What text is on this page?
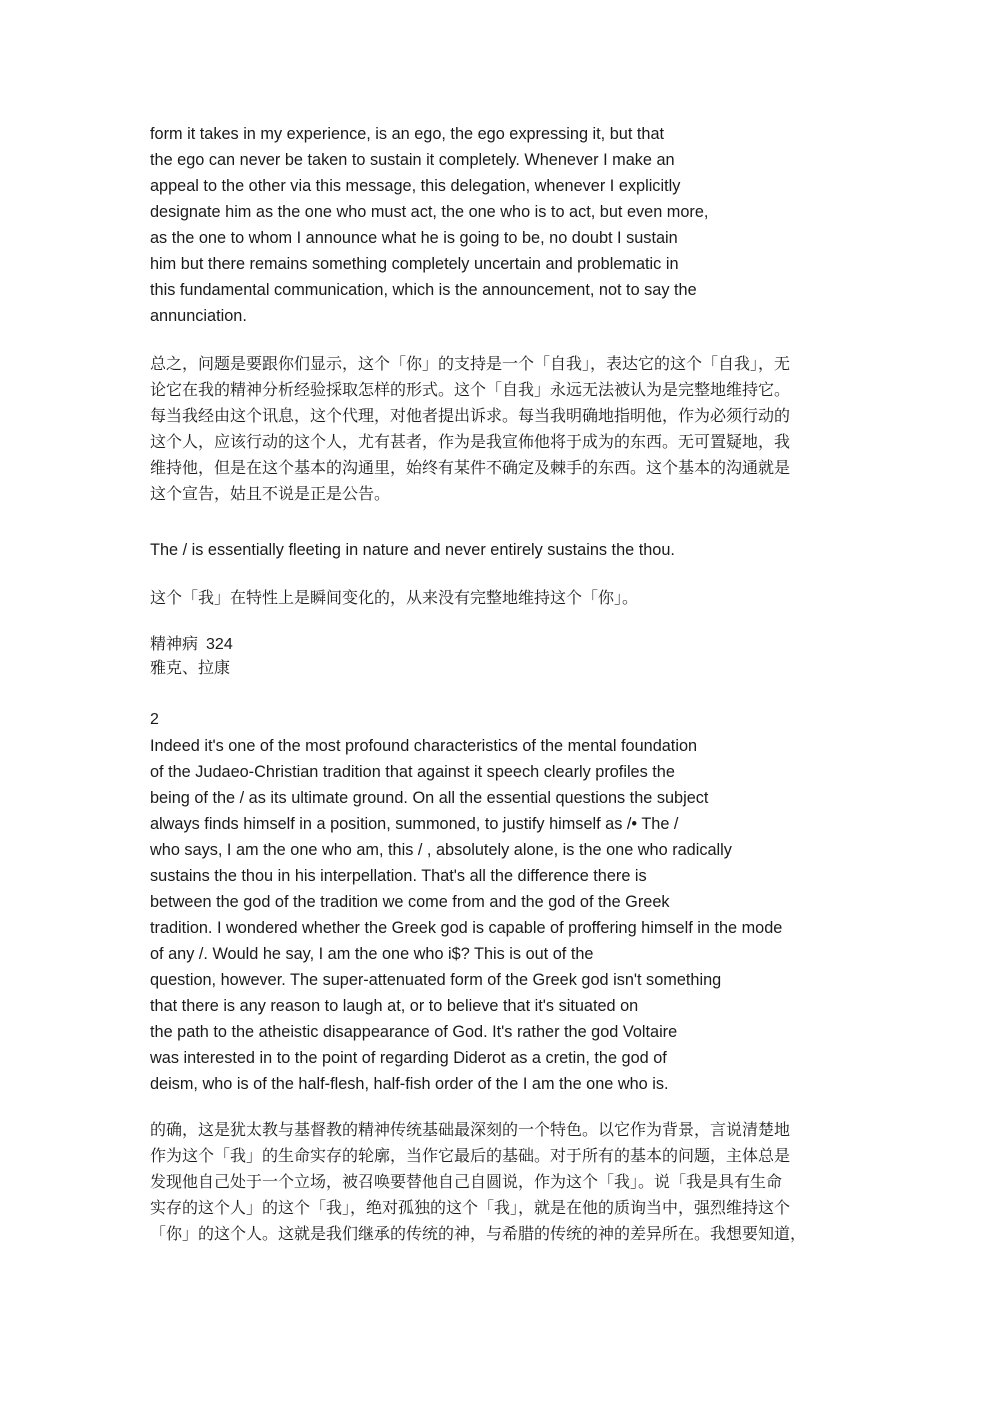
form it takes in my experience, is an ego, the ego expressing it, but that
the ego can never be taken to sustain it completely. Whenever I make an
appeal to the other via this message, this delegation, whenever I explicitly
designate him as the one who must act, the one who is to act, but even more,
as the one to whom I announce what he is going to be, no doubt I sustain
him but there remains something completely uncertain and problematic in
this fundamental communication, which is the announcement, not to say the
annunciation.
总之，问题是要跟你们显示，这个「你」的支持是一个「自我」，表达它的这个「自我」，无
论它在我的精神分析经验採取怎样的形式。这个「自我」永远无法被认为是完整地维持它。
每当我经由这个讯息，这个代理，对他者提出诉求。每当我明确地指明他，作为必须行动的
这个人，应该行动的这个人，尤有甚者，作为是我宣佈他将于成为的东西。无可置疑地，我
维持他，但是在这个基本的沟通里，始终有某件不确定及棘手的东西。这个基本的沟通就是
这个宣告，姑且不说是正是公告。
The / is essentially fleeting in nature and never entirely sustains the thou.
这个「我」在特性上是瞬间变化的，从来没有完整地维持这个「你」。
精神病 324
雅克、拉康
2
Indeed it's one of the most profound characteristics of the mental foundation
of the Judaeo-Christian tradition that against it speech clearly profiles the
being of the / as its ultimate ground. On all the essential questions the subject
always finds himself in a position, summoned, to justify himself as /• The /
who says, I am the one who am, this / , absolutely alone, is the one who radically
sustains the thou in his interpellation. That's all the difference there is
between the god of the tradition we come from and the god of the Greek
tradition. I wondered whether the Greek god is capable of proffering himself in the mode
of any /. Would he say, I am the one who i$? This is out of the
question, however. The super-attenuated form of the Greek god isn't something
that there is any reason to laugh at, or to believe that it's situated on
the path to the atheistic disappearance of God. It's rather the god Voltaire
was interested in to the point of regarding Diderot as a cretin, the god of
deism, who is of the half-flesh, half-fish order of the I am the one who is.
的确，这是犹太教与基督教的精神传统基础最深刻的一个特色。以它作为背景，言说清楚地
作为这个「我」的生命实存的轮廓，当作它最后的基础。对于所有的基本的问题，主体总是
发现他自己处于一个立场，被召唤要替他自己自圆说，作为这个「我」。说「我是具有生命
实存的这个人」的这个「我」，绝对孤独的这个「我」，就是在他的质询当中，强烈维持这个
「你」的这个人。这就是我们继承的传统的神，与希腊的传统的神的差异所在。我想要知道，
